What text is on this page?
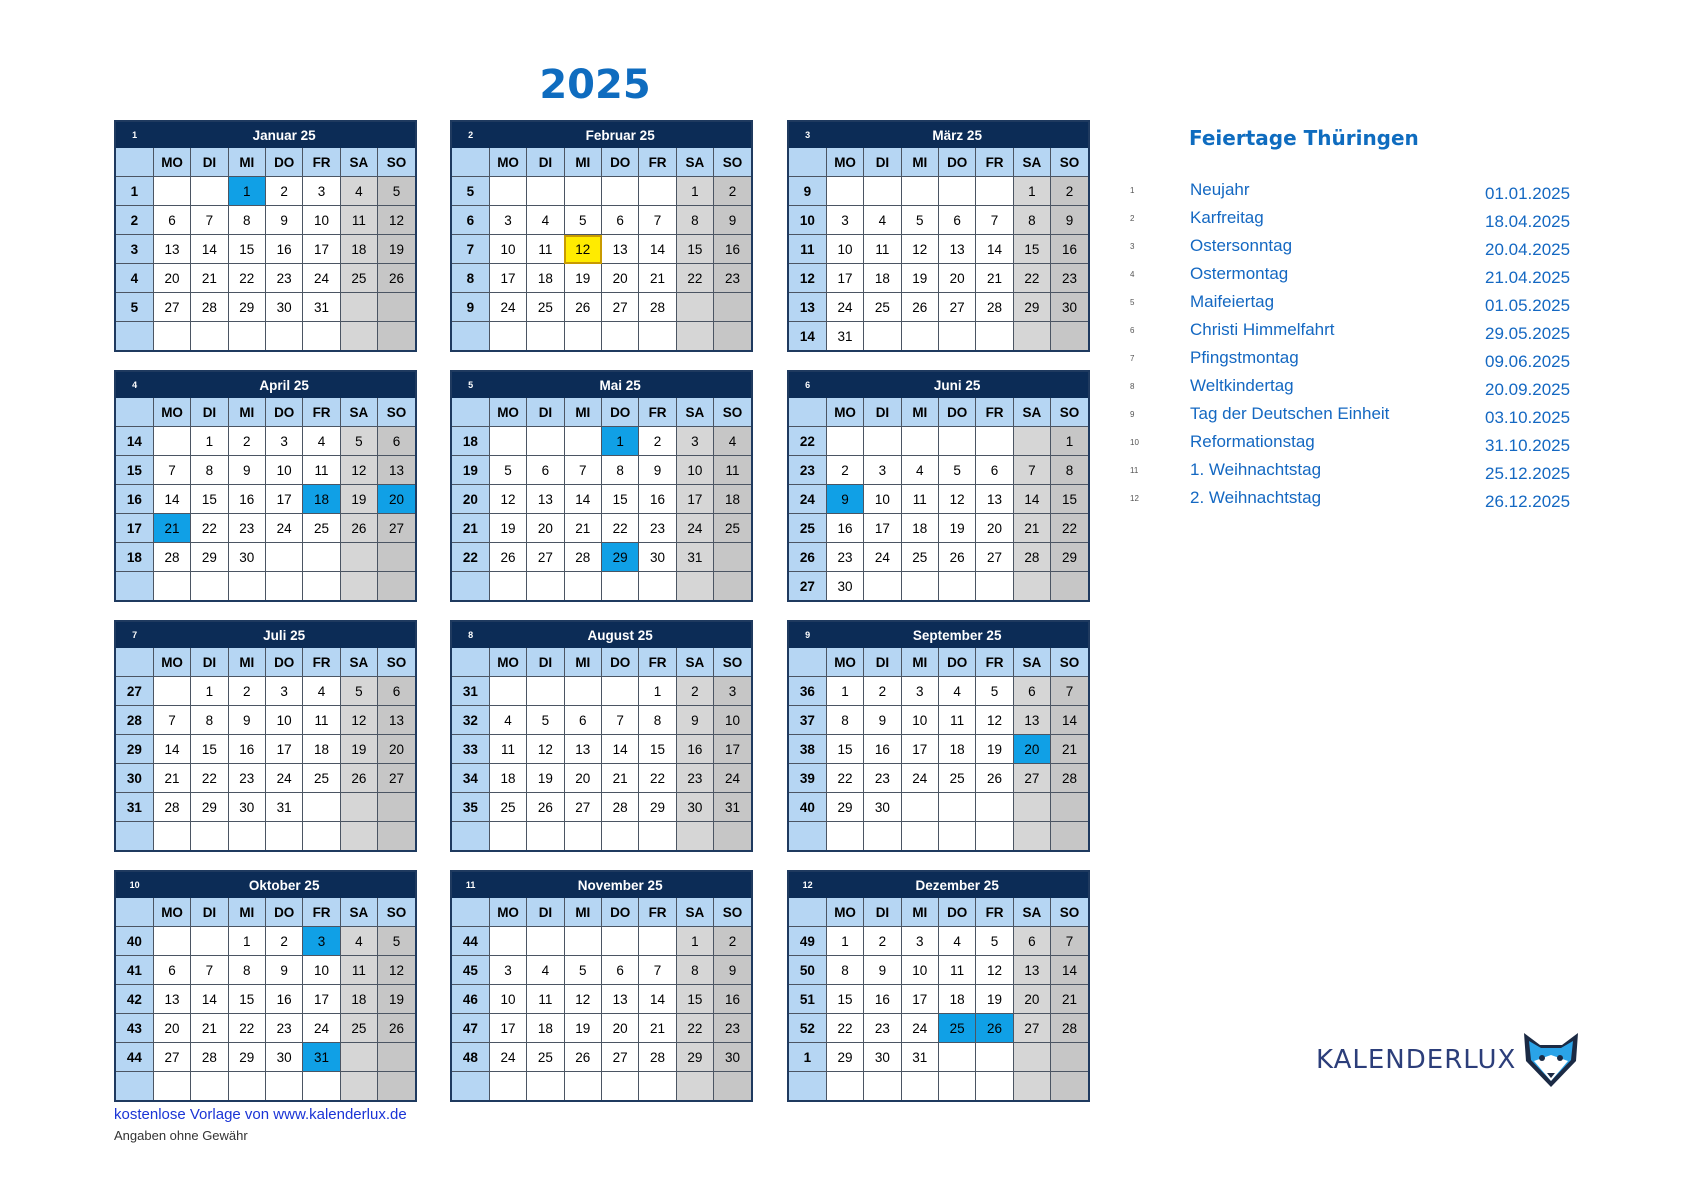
2025
1	Januar 25						
	MO	DI	MI	DO	FR	SA	SO
1			1	2	3	4	5
2	6	7	8	9	10	11	12
3	13	14	15	16	17	18	19
4	20	21	22	23	24	25	26
5	27	28	29	30	31		

2	Februar 25						
	MO	DI	MI	DO	FR	SA	SO
5						1	2
6	3	4	5	6	7	8	9
7	10	11	12	13	14	15	16
8	17	18	19	20	21	22	23
9	24	25	26	27	28		

3	März 25						
	MO	DI	MI	DO	FR	SA	SO
9						1	2
10	3	4	5	6	7	8	9
11	10	11	12	13	14	15	16
12	17	18	19	20	21	22	23
13	24	25	26	27	28	29	30
14	31						
4	April 25						
	MO	DI	MI	DO	FR	SA	SO
14		1	2	3	4	5	6
15	7	8	9	10	11	12	13
16	14	15	16	17	18	19	20
17	21	22	23	24	25	26	27
18	28	29	30				

5	Mai 25						
	MO	DI	MI	DO	FR	SA	SO
18				1	2	3	4
19	5	6	7	8	9	10	11
20	12	13	14	15	16	17	18
21	19	20	21	22	23	24	25
22	26	27	28	29	30	31	

6	Juni 25						
	MO	DI	MI	DO	FR	SA	SO
22							1
23	2	3	4	5	6	7	8
24	9	10	11	12	13	14	15
25	16	17	18	19	20	21	22
26	23	24	25	26	27	28	29
27	30						
7	Juli 25						
	MO	DI	MI	DO	FR	SA	SO
27		1	2	3	4	5	6
28	7	8	9	10	11	12	13
29	14	15	16	17	18	19	20
30	21	22	23	24	25	26	27
31	28	29	30	31			

8	August 25						
	MO	DI	MI	DO	FR	SA	SO
31					1	2	3
32	4	5	6	7	8	9	10
33	11	12	13	14	15	16	17
34	18	19	20	21	22	23	24
35	25	26	27	28	29	30	31

9	September 25						
	MO	DI	MI	DO	FR	SA	SO
36	1	2	3	4	5	6	7
37	8	9	10	11	12	13	14
38	15	16	17	18	19	20	21
39	22	23	24	25	26	27	28
40	29	30					

10	Oktober 25						
	MO	DI	MI	DO	FR	SA	SO
40			1	2	3	4	5
41	6	7	8	9	10	11	12
42	13	14	15	16	17	18	19
43	20	21	22	23	24	25	26
44	27	28	29	30	31		

11	November 25						
	MO	DI	MI	DO	FR	SA	SO
44						1	2
45	3	4	5	6	7	8	9
46	10	11	12	13	14	15	16
47	17	18	19	20	21	22	23
48	24	25	26	27	28	29	30

12	Dezember 25						
	MO	DI	MI	DO	FR	SA	SO
49	1	2	3	4	5	6	7
50	8	9	10	11	12	13	14
51	15	16	17	18	19	20	21
52	22	23	24	25	26	27	28
1	29	30	31				

Feiertage Thüringen
1	Neujahr	01.01.2025
2	Karfreitag	18.04.2025
3	Ostersonntag	20.04.2025
4	Ostermontag	21.04.2025
5	Maifeiertag	01.05.2025
6	Christi Himmelfahrt	29.05.2025
7	Pfingstmontag	09.06.2025
8	Weltkindertag	20.09.2025
9	Tag der Deutschen Einheit	03.10.2025
10	Reformationstag	31.10.2025
11	1. Weihnachtstag	25.12.2025
12	2. Weihnachtstag	26.12.2025
kostenlose Vorlage von www.kalenderlux.de
Angaben ohne Gewähr
KALENDERLUX
